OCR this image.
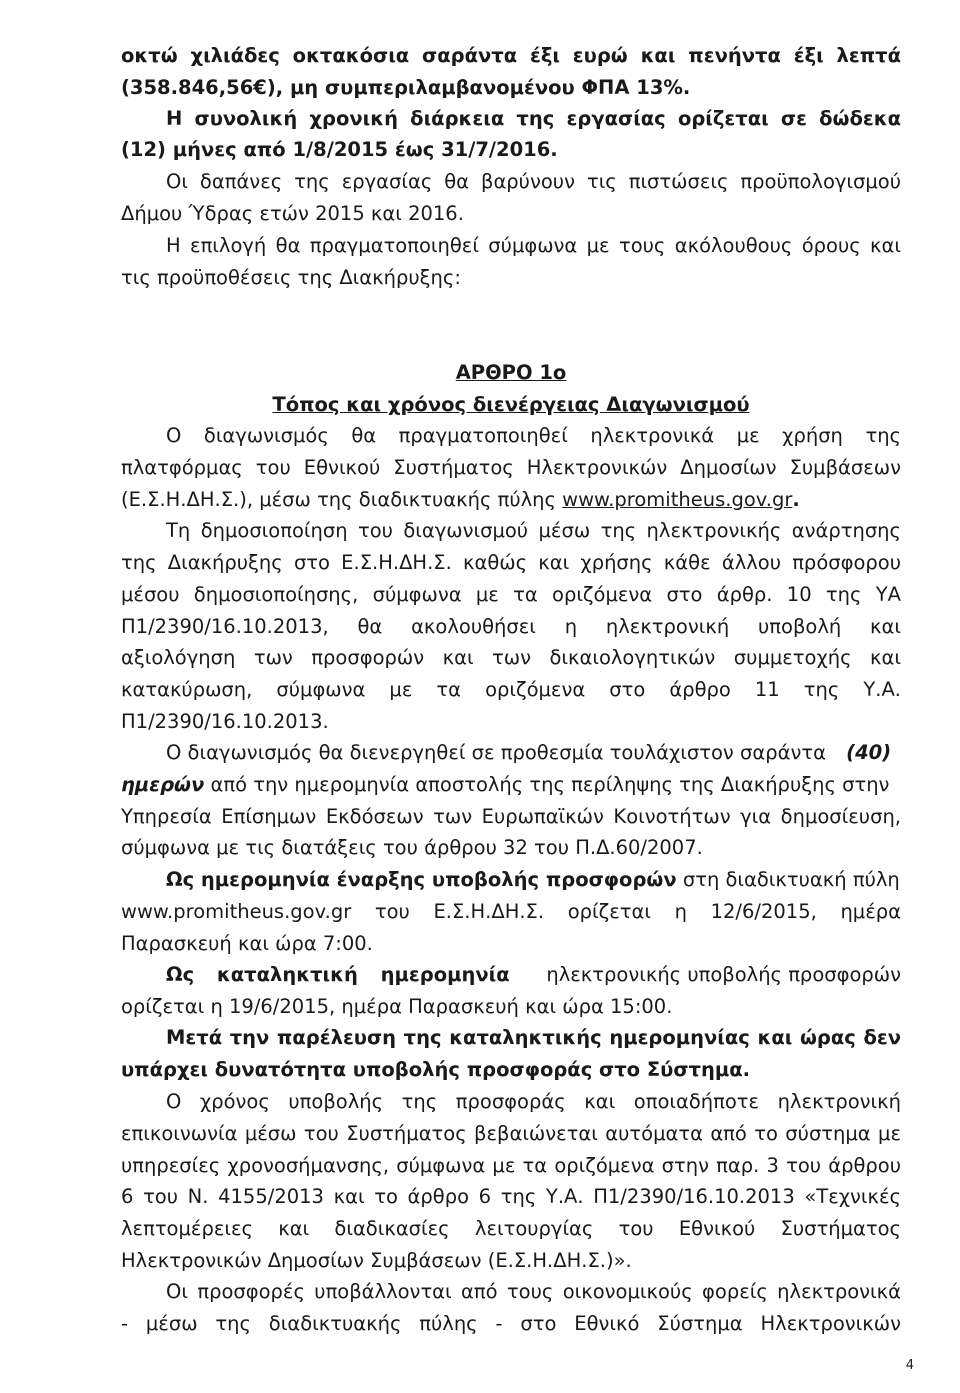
οκτώ χιλιάδες οκτακόσια σαράντα έξι ευρώ και πενήντα έξι λεπτά
(358.846,56€), μη συμπεριλαμβανομένου ΦΠΑ 13%.
Η συνολική χρονική διάρκεια της εργασίας ορίζεται σε δώδεκα
(12) μήνες από 1/8/2015 έως 31/7/2016.
Οι δαπάνες της εργασίας θα βαρύνουν τις πιστώσεις προϋπολογισμού
Δήμου Ύδρας ετών 2015 και 2016.
Η επιλογή θα πραγματοποιηθεί σύμφωνα με τους ακόλουθους όρους και
τις προϋποθέσεις της Διακήρυξης:
ΑΡΘΡΟ 1ο
Τόπος και χρόνος διενέργειας Διαγωνισμού
Ο διαγωνισμός θα πραγματοποιηθεί ηλεκτρονικά με χρήση της
πλατφόρμας του Εθνικού Συστήματος Ηλεκτρονικών Δημοσίων Συμβάσεων
(Ε.Σ.Η.ΔΗ.Σ.), μέσω της διαδικτυακής πύλης www.promitheus.gov.gr.
Τη δημοσιοποίηση του διαγωνισμού μέσω της ηλεκτρονικής ανάρτησης
της Διακήρυξης στο Ε.Σ.Η.ΔΗ.Σ. καθώς και χρήσης κάθε άλλου πρόσφορου
μέσου δημοσιοποίησης, σύμφωνα με τα οριζόμενα στο άρθρ. 10 της ΥΑ
Π1/2390/16.10.2013, θα ακολουθήσει η ηλεκτρονική υποβολή και
αξιολόγηση των προσφορών και των δικαιολογητικών συμμετοχής και
κατακύρωση, σύμφωνα με τα οριζόμενα στο άρθρο 11 της Υ.Α.
Π1/2390/16.10.2013.
Ο διαγωνισμός θα διενεργηθεί σε προθεσμία τουλάχιστον σαράντα (40)
ημερών από την ημερομηνία αποστολής της περίληψης της Διακήρυξης στην
Υπηρεσία Επίσημων Εκδόσεων των Ευρωπαϊκών Κοινοτήτων για δημοσίευση,
σύμφωνα με τις διατάξεις του άρθρου 32 του Π.Δ.60/2007.
Ως ημερομηνία έναρξης υποβολής προσφορών στη διαδικτυακή πύλη
www.promitheus.gov.gr του Ε.Σ.Η.ΔΗ.Σ. ορίζεται η 12/6/2015, ημέρα
Παρασκευή και ώρα 7:00.
Ως καταληκτική ημερομηνία ηλεκτρονικής υποβολής προσφορών
ορίζεται η 19/6/2015, ημέρα Παρασκευή και ώρα 15:00.
Μετά την παρέλευση της καταληκτικής ημερομηνίας και ώρας δεν
υπάρχει δυνατότητα υποβολής προσφοράς στο Σύστημα.
Ο χρόνος υποβολής της προσφοράς και οποιαδήποτε ηλεκτρονική
επικοινωνία μέσω του Συστήματος βεβαιώνεται αυτόματα από το σύστημα με
υπηρεσίες χρονοσήμανσης, σύμφωνα με τα οριζόμενα στην παρ. 3 του άρθρου
6 του Ν. 4155/2013 και το άρθρο 6 της Υ.Α. Π1/2390/16.10.2013 «Τεχνικές
λεπτομέρειες και διαδικασίες λειτουργίας του Εθνικού Συστήματος
Ηλεκτρονικών Δημοσίων Συμβάσεων (Ε.Σ.Η.ΔΗ.Σ.)».
Οι προσφορές υποβάλλονται από τους οικονομικούς φορείς ηλεκτρονικά
- μέσω της διαδικτυακής πύλης - στο Εθνικό Σύστημα Ηλεκτρονικών
4
